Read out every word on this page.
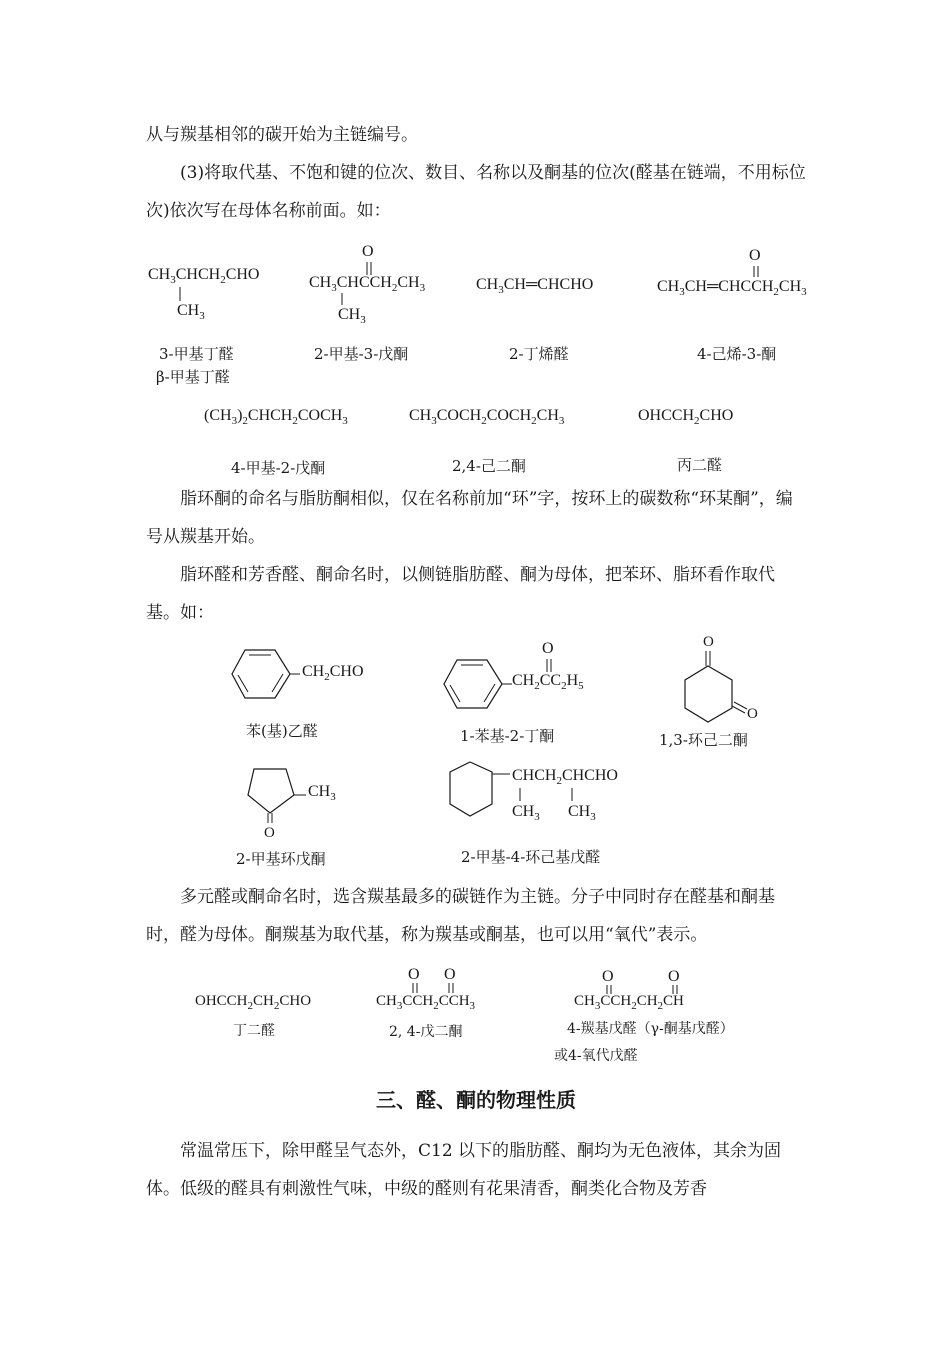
从与羰基相邻的碳开始为主链编号。

(3)将取代基、不饱和键的位次、数目、名称以及酮基的位次(醛基在链端，不用标位次)依次写在母体名称前面。如：

$CH_3CHCH_2CHO$
$CH_3$
O
$CH_3CHCCH_2CH_3$
$CH_3$
$CH_3CH═CHCHO$
O
$CH_3CH═CHCCH_2CH_3$
3-甲基丁醛
β-甲基丁醛
2-甲基-3-戊酮	2-丁烯醛	4-己烯-3-酮
$(CH_3)_2CHCH_2COCH_3$	$CH_3COCH_2COCH_2CH_3$	$OHCCH_2CHO$
4-甲基-2-戊酮	2,4-己二酮	丙二醛

脂环酮的命名与脂肪酮相似，仅在名称前加“环”字，按环上的碳数称“环某酮”，编号从羰基开始。

脂环醛和芳香醛、酮命名时，以侧链脂肪醛、酮为母体，把苯环、脂环看作取代基。如：

$CH_2CHO$
O
$CH_2CC_2H_5$
O
O
苯(基)乙醛	1-苯基-2-丁酮	1,3-环己二酮
O
$CH_3$
$CHCH_2CHCHO$
$CH_3$ $CH_3$
2-甲基环戊酮	2-甲基-4-环己基戊醛

多元醛或酮命名时，选含羰基最多的碳链作为主链。分子中同时存在醛基和酮基时，醛为母体。酮羰基为取代基，称为羰基或酮基，也可以用“氧代”表示。

O O	O	O
$OHCCH_2CH_2CHO$	$CH_3CCH_2CCH_3$	$CH_3CCH_2CH_2CH$
丁二醛	2, 4-戊二酮	4-羰基戊醛（γ-酮基戊醛）
或4-氧代戊醛
三、醛、酮的物理性质

常温常压下，除甲醛呈气态外，C12 以下的脂肪醛、酮均为无色液体，其余为固体。低级的醛具有刺激性气味，中级的醛则有花果清香，酮类化合物及芳香
